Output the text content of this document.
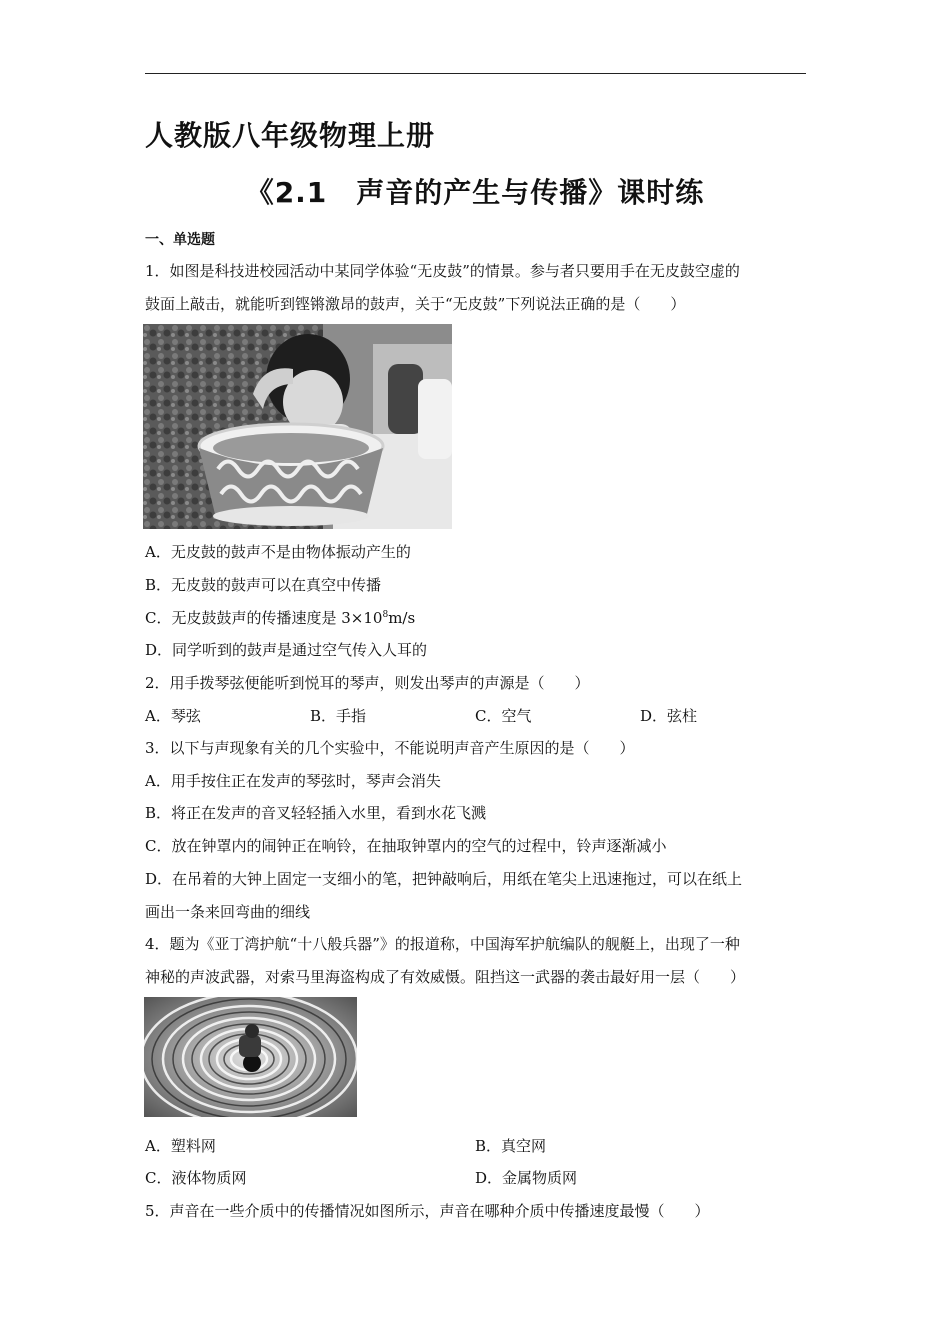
人教版八年级物理上册
《2.1　声音的产生与传播》课时练
一、单选题
1．如图是科技进校园活动中某同学体验“无皮鼓”的情景。参与者只要用手在无皮鼓空虚的
鼓面上敲击，就能听到铿锵激昂的鼓声，关于“无皮鼓”下列说法正确的是（　　）
A．无皮鼓的鼓声不是由物体振动产生的
B．无皮鼓的鼓声可以在真空中传播
C．无皮鼓鼓声的传播速度是 $3\times 10^8m/s$
D．同学听到的鼓声是通过空气传入人耳的
2．用手拨琴弦便能听到悦耳的琴声，则发出琴声的声源是（　　）
A．琴弦	B．手指	C．空气	D．弦柱
3．以下与声现象有关的几个实验中，不能说明声音产生原因的是（　　）
A．用手按住正在发声的琴弦时，琴声会消失
B．将正在发声的音叉轻轻插入水里，看到水花飞溅
C．放在钟罩内的闹钟正在响铃，在抽取钟罩内的空气的过程中，铃声逐渐减小
D．在吊着的大钟上固定一支细小的笔，把钟敲响后，用纸在笔尖上迅速拖过，可以在纸上
画出一条来回弯曲的细线
4．题为《亚丁湾护航“十八般兵器”》的报道称，中国海军护航编队的舰艇上，出现了一种
神秘的声波武器，对索马里海盗构成了有效威慑。阻挡这一武器的袭击最好用一层（　　）
A．塑料网	B．真空网
C．液体物质网	D．金属物质网
5．声音在一些介质中的传播情况如图所示，声音在哪种介质中传播速度最慢（　　）
